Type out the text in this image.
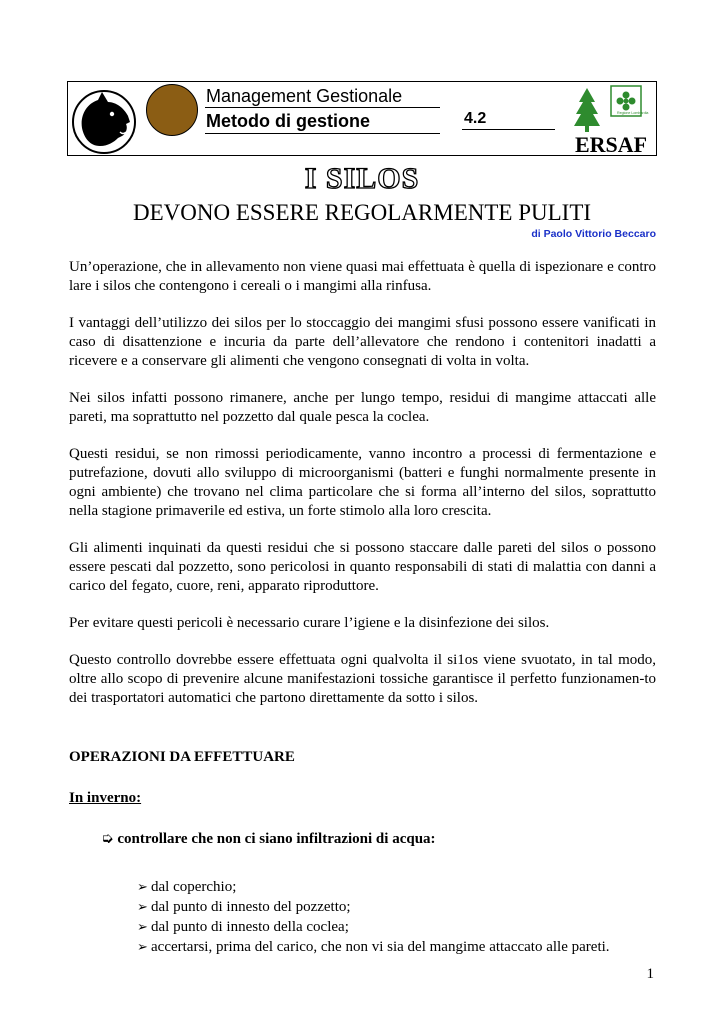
Management Gestionale
Metodo di gestione	4.2	Regione Lombardia
ERSAF
I SILOS
DEVONO ESSERE REGOLARMENTE PULITI
di Paolo Vittorio Beccaro

Un’operazione, che in allevamento non viene quasi mai effettuata è quella di ispezionare e contro lare i silos che contengono i cereali o i mangimi alla rinfusa.

I vantaggi dell’utilizzo dei silos per lo stoccaggio dei mangimi sfusi possono essere vanificati in caso di disattenzione e incuria da parte dell’allevatore che rendono i contenitori inadatti a ricevere e a conservare gli alimenti che vengono consegnati di volta in volta.

Nei silos infatti possono rimanere, anche per lungo tempo, residui di mangime attaccati alle pareti, ma soprattutto nel pozzetto dal quale pesca la coclea.

Questi residui, se non rimossi periodicamente, vanno incontro a processi di fermentazione e putrefazione, dovuti allo sviluppo di microorganismi (batteri e funghi normalmente presente in ogni ambiente) che trovano nel clima particolare che si forma all’interno del silos, soprattutto nella stagione primaverile ed estiva, un forte stimolo alla loro crescita.

Gli alimenti inquinati da questi residui che si possono staccare dalle pareti del silos o possono essere pescati dal pozzetto, sono pericolosi in quanto responsabili di stati di malattia con danni a carico del fegato, cuore, reni, apparato riproduttore.

Per evitare questi pericoli è necessario curare l’igiene e la disinfezione dei silos.

Questo controllo dovrebbe essere effettuata ogni qualvolta il si1os viene svuotato, in tal modo, oltre allo scopo di prevenire alcune manifestazioni tossiche garantisce il perfetto funzionamen-to dei trasportatori automatici che partono direttamente da sotto i silos.

OPERAZIONI DA EFFETTUARE

In inverno:

➭ controllare che non ci siano infiltrazioni di acqua:

➢ dal coperchio;
➢ dal punto di innesto del pozzetto;
➢ dal punto di innesto della coclea;
➢ accertarsi, prima del carico, che non vi sia del mangime attaccato alle pareti.
1
